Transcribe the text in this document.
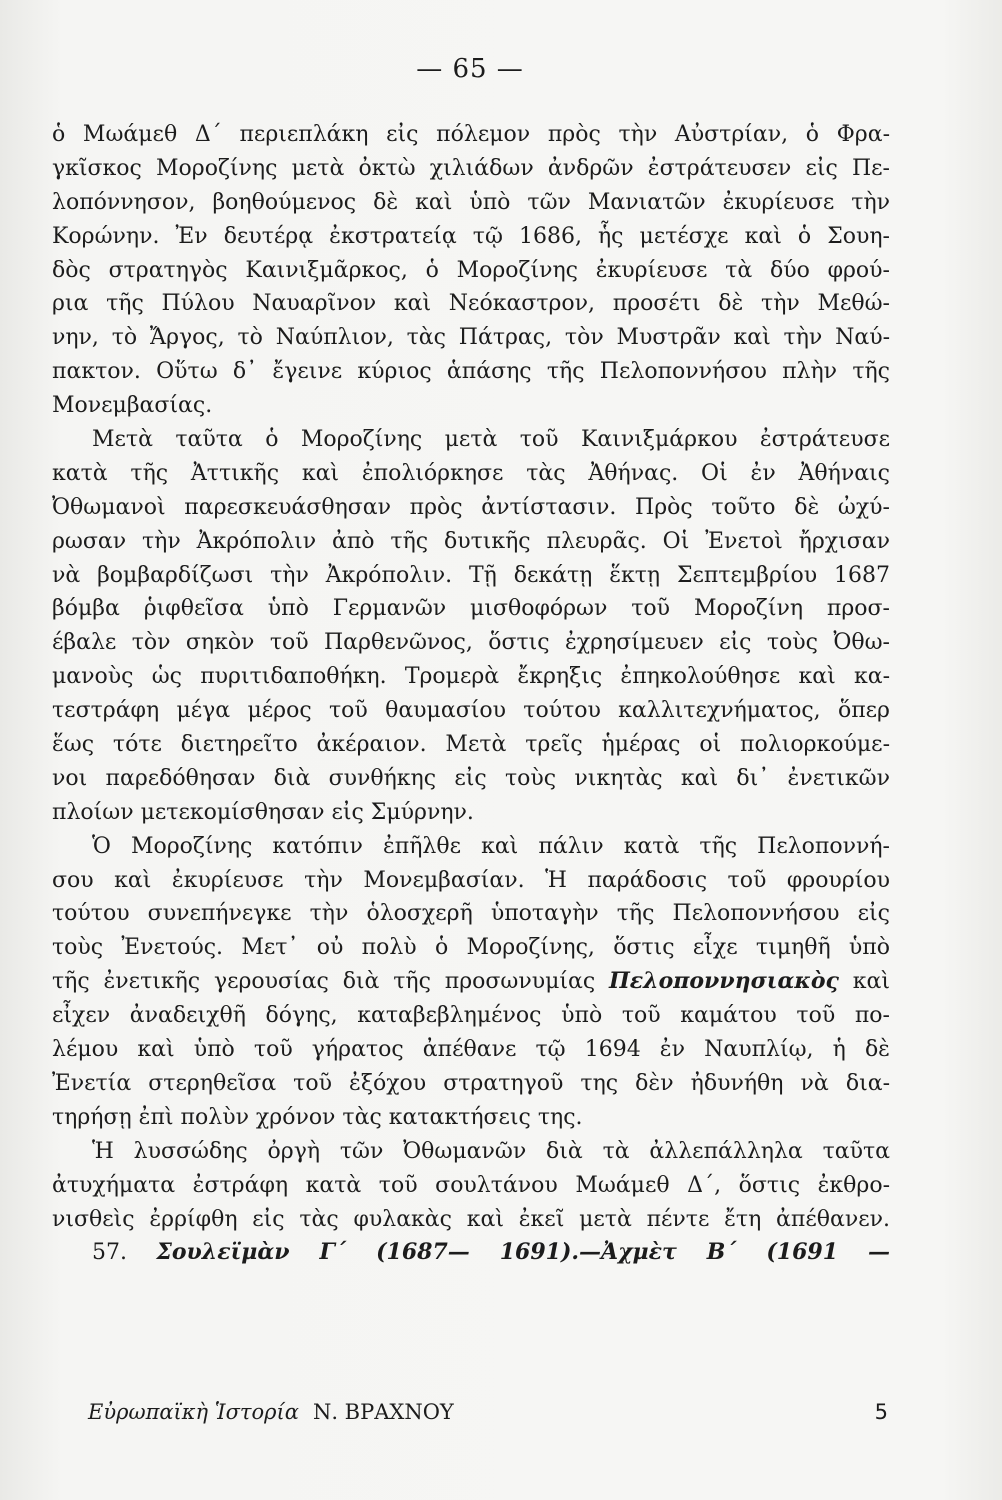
— 65 —
ὁ Μωάμεθ Δ΄ περιεπλάκη εἰς πόλεμον πρὸς τὴν Αὐστρίαν, ὁ Φρα-
γκῖσκος Μοροζίνης μετὰ ὀκτὼ χιλιάδων ἀνδρῶν ἐστράτευσεν εἰς Πε-
λοπόννησον, βοηθούμενος δὲ καὶ ὑπὸ τῶν Μανιατῶν ἐκυρίευσε τὴν
Κορώνην. Ἐν δευτέρᾳ ἐκστρατείᾳ τῷ 1686, ἧς μετέσχε καὶ ὁ Σουη-
δὸς στρατηγὸς Καινιξμᾶρκος, ὁ Μοροζίνης ἐκυρίευσε τὰ δύο φρού-
ρια τῆς Πύλου Ναυαρῖνον καὶ Νεόκαστρον, προσέτι δὲ τὴν Μεθώ-
νην, τὸ Ἄργος, τὸ Ναύπλιον, τὰς Πάτρας, τὸν Μυστρᾶν καὶ τὴν Ναύ-
πακτον. Οὕτω δ᾽ ἔγεινε κύριος ἁπάσης τῆς Πελοποννήσου πλὴν τῆς
Μονεμβασίας.
Μετὰ ταῦτα ὁ Μοροζίνης μετὰ τοῦ Καινιξμάρκου ἐστράτευσε
κατὰ τῆς Ἀττικῆς καὶ ἐπολιόρκησε τὰς Ἀθήνας. Οἱ ἐν Ἀθήναις
Ὀθωμανοὶ παρεσκευάσθησαν πρὸς ἀντίστασιν. Πρὸς τοῦτο δὲ ὠχύ-
ρωσαν τὴν Ἀκρόπολιν ἀπὸ τῆς δυτικῆς πλευρᾶς. Οἱ Ἐνετοὶ ἤρχισαν
νὰ βομβαρδίζωσι τὴν Ἀκρόπολιν. Τῇ δεκάτῃ ἕκτῃ Σεπτεμβρίου 1687
βόμβα ῥιφθεῖσα ὑπὸ Γερμανῶν μισθοφόρων τοῦ Μοροζίνη προσ-
έβαλε τὸν σηκὸν τοῦ Παρθενῶνος, ὅστις ἐχρησίμευεν εἰς τοὺς Ὀθω-
μανοὺς ὡς πυριτιδαποθήκη. Τρομερὰ ἔκρηξις ἐπηκολούθησε καὶ κα-
τεστράφη μέγα μέρος τοῦ θαυμασίου τούτου καλλιτεχνήματος, ὅπερ
ἕως τότε διετηρεῖτο ἀκέραιον. Μετὰ τρεῖς ἡμέρας οἱ πολιορκούμε-
νοι παρεδόθησαν διὰ συνθήκης εἰς τοὺς νικητὰς καὶ δι᾽ ἐνετικῶν
πλοίων μετεκομίσθησαν εἰς Σμύρνην.
Ὁ Μοροζίνης κατόπιν ἐπῆλθε καὶ πάλιν κατὰ τῆς Πελοποννή-
σου καὶ ἐκυρίευσε τὴν Μονεμβασίαν. Ἡ παράδοσις τοῦ φρουρίου
τούτου συνεπήνεγκε τὴν ὁλοσχερῆ ὑποταγὴν τῆς Πελοποννήσου εἰς
τοὺς Ἐνετούς. Μετ᾽ οὐ πολὺ ὁ Μοροζίνης, ὅστις εἶχε τιμηθῆ ὑπὸ
τῆς ἐνετικῆς γερουσίας διὰ τῆς προσωνυμίας Πελοποννησιακὸς καὶ
εἶχεν ἀναδειχθῆ δόγης, καταβεβλημένος ὑπὸ τοῦ καμάτου τοῦ πο-
λέμου καὶ ὑπὸ τοῦ γήρατος ἀπέθανε τῷ 1694 ἐν Ναυπλίῳ, ἡ δὲ
Ἐνετία στερηθεῖσα τοῦ ἐξόχου στρατηγοῦ της δὲν ἠδυνήθη νὰ δια-
τηρήσῃ ἐπὶ πολὺν χρόνον τὰς κατακτήσεις της.
Ἡ λυσσώδης ὀργὴ τῶν Ὀθωμανῶν διὰ τὰ ἀλλεπάλληλα ταῦτα
ἀτυχήματα ἐστράφη κατὰ τοῦ σουλτάνου Μωάμεθ Δ΄, ὅστις ἐκθρο-
νισθεὶς ἐρρίφθη εἰς τὰς φυλακὰς καὶ ἐκεῖ μετὰ πέντε ἔτη ἀπέθανεν.
57. Σουλεϊμὰν Γ΄ (1687— 1691).—Ἀχμὲτ Β΄ (1691 —
Εὐρωπαϊκὴ Ἱστορία Ν. ΒΡΑΧΝΟΥ	5
